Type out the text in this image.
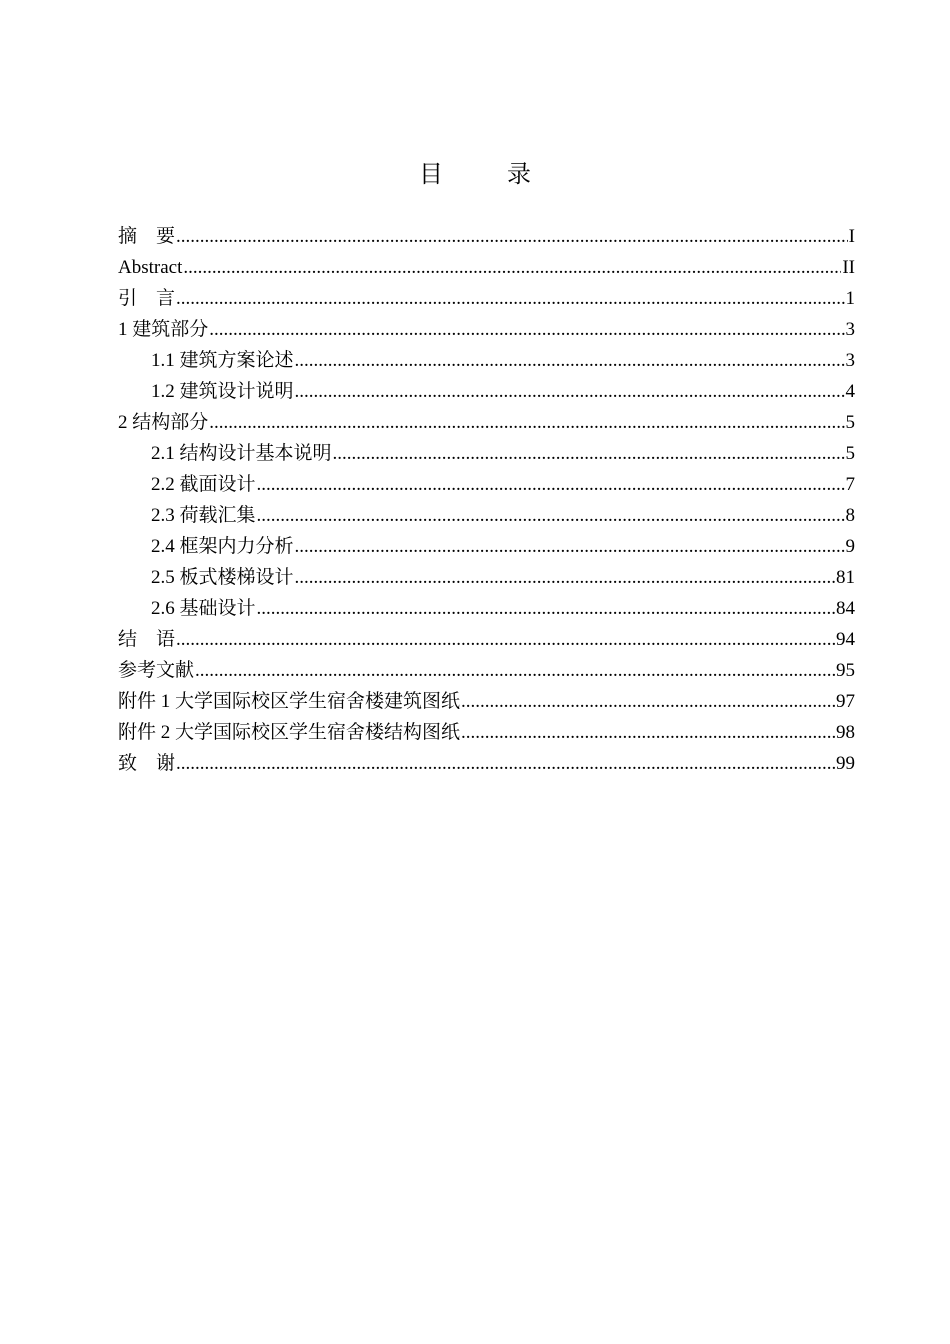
目	录
摘　要 .....	I
Abstract .....	II
引　言 .....	1
1 建筑部分 .....	3
1.1 建筑方案论述 .....	3
1.2 建筑设计说明 .....	4
2 结构部分 .....	5
2.1 结构设计基本说明 .....	5
2.2 截面设计 .....	7
2.3 荷载汇集 .....	8
2.4 框架内力分析 .....	9
2.5 板式楼梯设计 .....	81
2.6 基础设计 .....	84
结　语 .....	94
参考文献 .....	95
附件 1 大学国际校区学生宿舍楼建筑图纸 .....	97
附件 2 大学国际校区学生宿舍楼结构图纸 .....	98
致　谢 .....	99
